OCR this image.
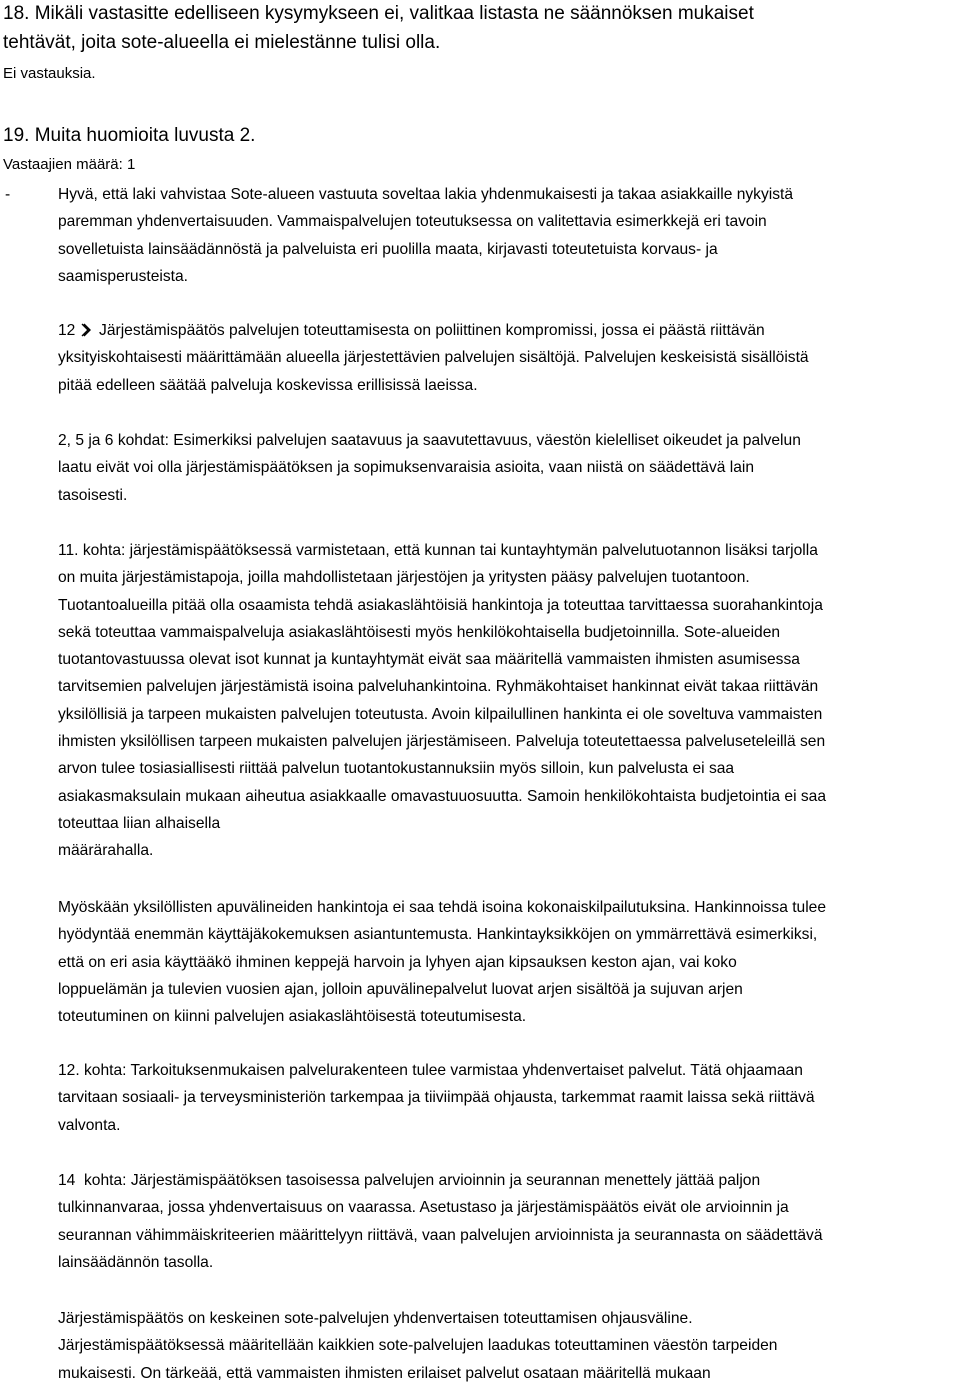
18. Mikäli vastasitte edelliseen kysymykseen ei, valitkaa listasta ne säännöksen mukaiset
tehtävät, joita sote-alueella ei mielestänne tulisi olla.
Ei vastauksia.
19. Muita huomioita luvusta 2.
Vastaajien määrä: 1
-	Hyvä, että laki vahvistaa Sote-alueen vastuuta soveltaa lakia yhdenmukaisesti ja takaa asiakkaille nykyistä
paremman yhdenvertaisuuden. Vammaispalvelujen toteutuksessa on valitettavia esimerkkejä eri tavoin
sovelletuista lainsäädännöstä ja palveluista eri puolilla maata, kirjavasti toteutetuista korvaus- ja
saamisperusteista.
12 Järjestämispäätös palvelujen toteuttamisesta on poliittinen kompromissi, jossa ei päästä riittävän
yksityiskohtaisesti määrittämään alueella järjestettävien palvelujen sisältöjä. Palvelujen keskeisistä sisällöistä
pitää edelleen säätää palveluja koskevissa erillisissä laeissa.
2, 5 ja 6 kohdat: Esimerkiksi palvelujen saatavuus ja saavutettavuus, väestön kielelliset oikeudet ja palvelun
laatu eivät voi olla järjestämispäätöksen ja sopimuksenvaraisia asioita, vaan niistä on säädettävä lain
tasoisesti.
11. kohta: järjestämispäätöksessä varmistetaan, että kunnan tai kuntayhtymän palvelutuotannon lisäksi tarjolla
on muita järjestämistapoja, joilla mahdollistetaan järjestöjen ja yritysten pääsy palvelujen tuotantoon.
Tuotantoalueilla pitää olla osaamista tehdä asiakaslähtöisiä hankintoja ja toteuttaa tarvittaessa suorahankintoja
sekä toteuttaa vammaispalveluja asiakaslähtöisesti myös henkilökohtaisella budjetoinnilla. Sote-alueiden
tuotantovastuussa olevat isot kunnat ja kuntayhtymät eivät saa määritellä vammaisten ihmisten asumisessa
tarvitsemien palvelujen järjestämistä isoina palveluhankintoina. Ryhmäkohtaiset hankinnat eivät takaa riittävän
yksilöllisiä ja tarpeen mukaisten palvelujen toteutusta. Avoin kilpailullinen hankinta ei ole soveltuva vammaisten
ihmisten yksilöllisen tarpeen mukaisten palvelujen järjestämiseen. Palveluja toteutettaessa palveluseteleillä sen
arvon tulee tosiasiallisesti riittää palvelun tuotantokustannuksiin myös silloin, kun palvelusta ei saa
asiakasmaksulain mukaan aiheutua asiakkaalle omavastuuosuutta. Samoin henkilökohtaista budjetointia ei saa
toteuttaa liian alhaisella
määrärahalla.
Myöskään yksilöllisten apuvälineiden hankintoja ei saa tehdä isoina kokonaiskilpailutuksina. Hankinnoissa tulee
hyödyntää enemmän käyttäjäkokemuksen asiantuntemusta. Hankintayksikköjen on ymmärrettävä esimerkiksi,
että on eri asia käyttääkö ihminen keppejä harvoin ja lyhyen ajan kipsauksen keston ajan, vai koko
loppuelämän ja tulevien vuosien ajan, jolloin apuvälinepalvelut luovat arjen sisältöä ja sujuvan arjen
toteutuminen on kiinni palvelujen asiakaslähtöisestä toteutumisesta.
12. kohta: Tarkoituksenmukaisen palvelurakenteen tulee varmistaa yhdenvertaiset palvelut. Tätä ohjaamaan
tarvitaan sosiaali- ja terveysministeriön tarkempaa ja tiiviimpää ohjausta, tarkemmat raamit laissa sekä riittävä
valvonta.
14  kohta: Järjestämispäätöksen tasoisessa palvelujen arvioinnin ja seurannan menettely jättää paljon
tulkinnanvaraa, jossa yhdenvertaisuus on vaarassa. Asetustaso ja järjestämispäätös eivät ole arvioinnin ja
seurannan vähimmäiskriteerien määrittelyyn riittävä, vaan palvelujen arvioinnista ja seurannasta on säädettävä
lainsäädännön tasolla.
Järjestämispäätös on keskeinen sote-palvelujen yhdenvertaisen toteuttamisen ohjausväline.
Järjestämispäätöksessä määritellään kaikkien sote-palvelujen laadukas toteuttaminen väestön tarpeiden
mukaisesti. On tärkeää, että vammaisten ihmisten erilaiset palvelut osataan määritellä mukaan
